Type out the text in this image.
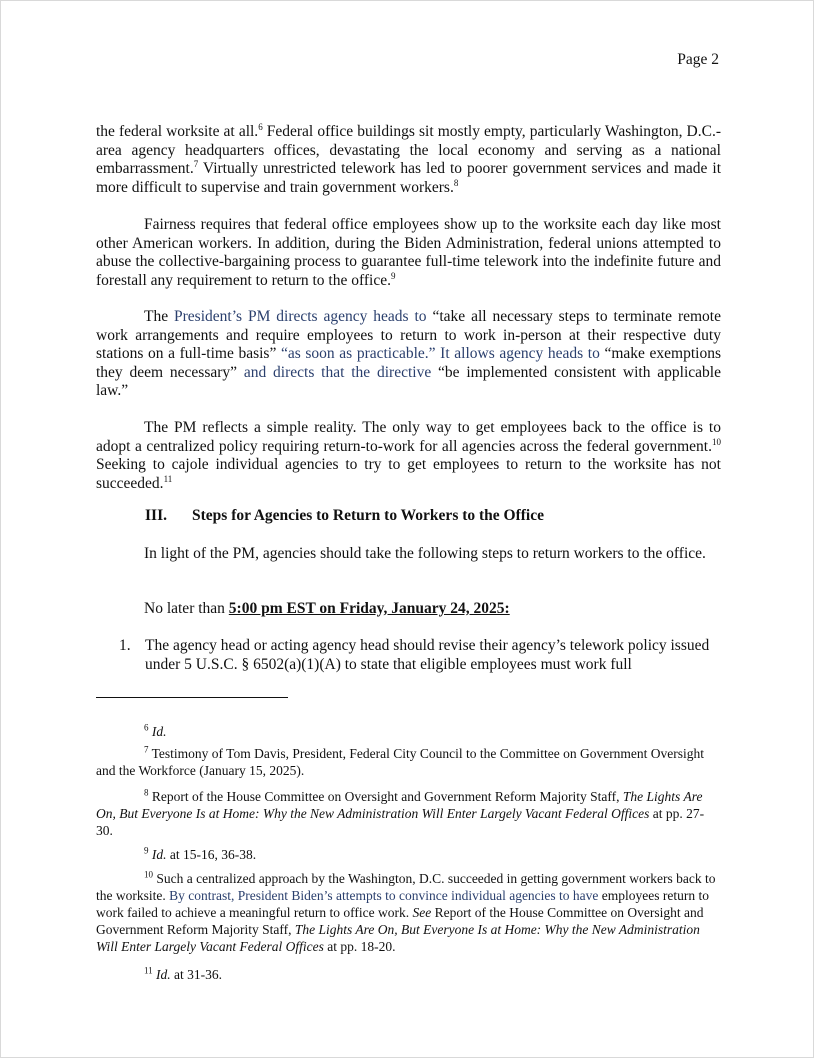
Page 2
the federal worksite at all.$^6$ Federal office buildings sit mostly empty, particularly Washington, D.C.-area agency headquarters offices, devastating the local economy and serving as a national embarrassment.$^7$ Virtually unrestricted telework has led to poorer government services and made it more difficult to supervise and train government workers.$^8$
Fairness requires that federal office employees show up to the worksite each day like most other American workers. In addition, during the Biden Administration, federal unions attempted to abuse the collective-bargaining process to guarantee full-time telework into the indefinite future and forestall any requirement to return to the office.$^9$
The President’s PM directs agency heads to “take all necessary steps to terminate remote work arrangements and require employees to return to work in-person at their respective duty stations on a full-time basis” “as soon as practicable.” It allows agency heads to “make exemptions they deem necessary” and directs that the directive “be implemented consistent with applicable law.”
The PM reflects a simple reality. The only way to get employees back to the office is to adopt a centralized policy requiring return-to-work for all agencies across the federal government.$^{10}$ Seeking to cajole individual agencies to try to get employees to return to the worksite has not succeeded.$^{11}$
III. Steps for Agencies to Return to Workers to the Office
In light of the PM, agencies should take the following steps to return workers to the office.
No later than 5:00 pm EST on Friday, January 24, 2025:
1. The agency head or acting agency head should revise their agency’s telework policy issued under 5 U.S.C. § 6502(a)(1)(A) to state that eligible employees must work full
$^6$ Id.
$^7$ Testimony of Tom Davis, President, Federal City Council to the Committee on Government Oversight and the Workforce (January 15, 2025).
$^8$ Report of the House Committee on Oversight and Government Reform Majority Staff, The Lights Are On, But Everyone Is at Home: Why the New Administration Will Enter Largely Vacant Federal Offices at pp. 27-30.
$^9$ Id. at 15-16, 36-38.
$^{10}$ Such a centralized approach by the Washington, D.C. succeeded in getting government workers back to the worksite. By contrast, President Biden’s attempts to convince individual agencies to have employees return to work failed to achieve a meaningful return to office work. See Report of the House Committee on Oversight and Government Reform Majority Staff, The Lights Are On, But Everyone Is at Home: Why the New Administration Will Enter Largely Vacant Federal Offices at pp. 18-20.
$^{11}$ Id. at 31-36.
